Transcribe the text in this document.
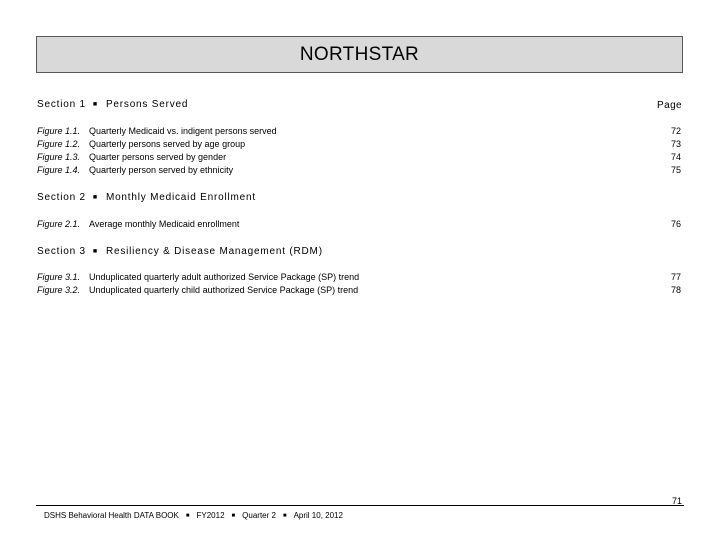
NORTHSTAR
Section 1 ■ Persons Served	Page
Figure 1.1. Quarterly Medicaid vs. indigent persons served	72
Figure 1.2. Quarterly persons served by age group	73
Figure 1.3. Quarter persons served by gender	74
Figure 1.4. Quarterly person served by ethnicity	75
Section 2 ■ Monthly Medicaid Enrollment
Figure 2.1. Average monthly Medicaid enrollment	76
Section 3 ■ Resiliency & Disease Management (RDM)
Figure 3.1. Unduplicated quarterly adult authorized Service Package (SP) trend	77
Figure 3.2. Unduplicated quarterly child authorized Service Package (SP) trend	78
71
DSHS Behavioral Health DATA BOOK ■ FY2012 ■ Quarter 2 ■ April 10, 2012
